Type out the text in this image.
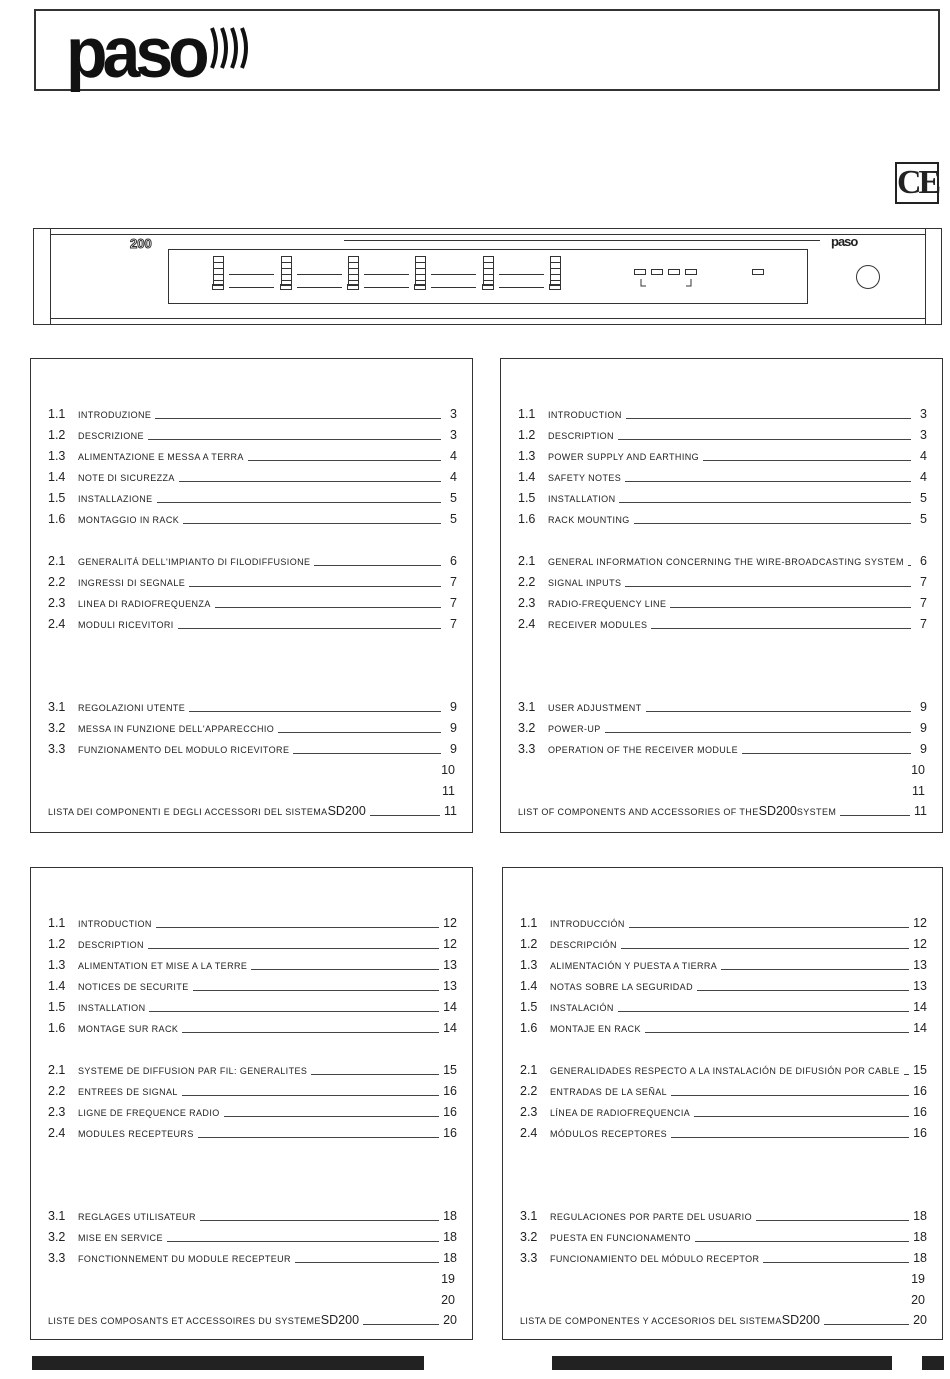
paso
CE
200	paso
1.1	INTRODUZIONE	3
1.2	DESCRIZIONE	3
1.3	ALIMENTAZIONE E MESSA A TERRA	4
1.4	NOTE DI SICUREZZA	4
1.5	INSTALLAZIONE	5
1.6	MONTAGGIO IN RACK	5
2.1	GENERALITÁ DELL'IMPIANTO DI FILODIFFUSIONE	6
2.2	INGRESSI DI SEGNALE	7
2.3	LINEA DI RADIOFREQUENZA	7
2.4	MODULI RICEVITORI	7
3.1	REGOLAZIONI UTENTE	9
3.2	MESSA IN FUNZIONE DELL'APPARECCHIO	9
3.3	FUNZIONAMENTO DEL MODULO RICEVITORE	9
10
11
LISTA DEI COMPONENTI E DEGLI ACCESSORI DEL SISTEMA SD200	11
1.1	INTRODUCTION	3
1.2	DESCRIPTION	3
1.3	POWER SUPPLY AND EARTHING	4
1.4	SAFETY NOTES	4
1.5	INSTALLATION	5
1.6	RACK MOUNTING	5
2.1	GENERAL INFORMATION CONCERNING THE WIRE-BROADCASTING SYSTEM	6
2.2	SIGNAL INPUTS	7
2.3	RADIO-FREQUENCY LINE	7
2.4	RECEIVER MODULES	7
3.1	USER ADJUSTMENT	9
3.2	POWER-UP	9
3.3	OPERATION OF THE RECEIVER MODULE	9
10
11
LIST OF COMPONENTS AND ACCESSORIES OF THE SD200 SYSTEM	11
1.1	INTRODUCTION	12
1.2	DESCRIPTION	12
1.3	ALIMENTATION ET MISE A LA TERRE	13
1.4	NOTICES DE SECURITE	13
1.5	INSTALLATION	14
1.6	MONTAGE SUR RACK	14
2.1	SYSTEME DE DIFFUSION PAR FIL: GENERALITES	15
2.2	ENTREES DE SIGNAL	16
2.3	LIGNE DE FREQUENCE RADIO	16
2.4	MODULES RECEPTEURS	16
3.1	REGLAGES UTILISATEUR	18
3.2	MISE EN SERVICE	18
3.3	FONCTIONNEMENT DU MODULE RECEPTEUR	18
19
20
LISTE DES COMPOSANTS ET ACCESSOIRES DU SYSTEME SD200	20
1.1	INTRODUCCIÓN	12
1.2	DESCRIPCIÓN	12
1.3	ALIMENTACIÓN Y PUESTA A TIERRA	13
1.4	NOTAS SOBRE LA SEGURIDAD	13
1.5	INSTALACIÓN	14
1.6	MONTAJE EN RACK	14
2.1	GENERALIDADES RESPECTO A LA INSTALACIÓN DE DIFUSIÓN POR CABLE 15
2.2	ENTRADAS DE LA SEÑAL	16
2.3	LÍNEA DE RADIOFREQUENCIA	16
2.4	MÓDULOS RECEPTORES	16
3.1	REGULACIONES POR PARTE DEL USUARIO	18
3.2	PUESTA EN FUNCIONAMENTO	18
3.3	FUNCIONAMIENTO DEL MÓDULO RECEPTOR	18
19
20
LISTA DE COMPONENTES Y ACCESORIOS DEL SISTEMA SD200	20
